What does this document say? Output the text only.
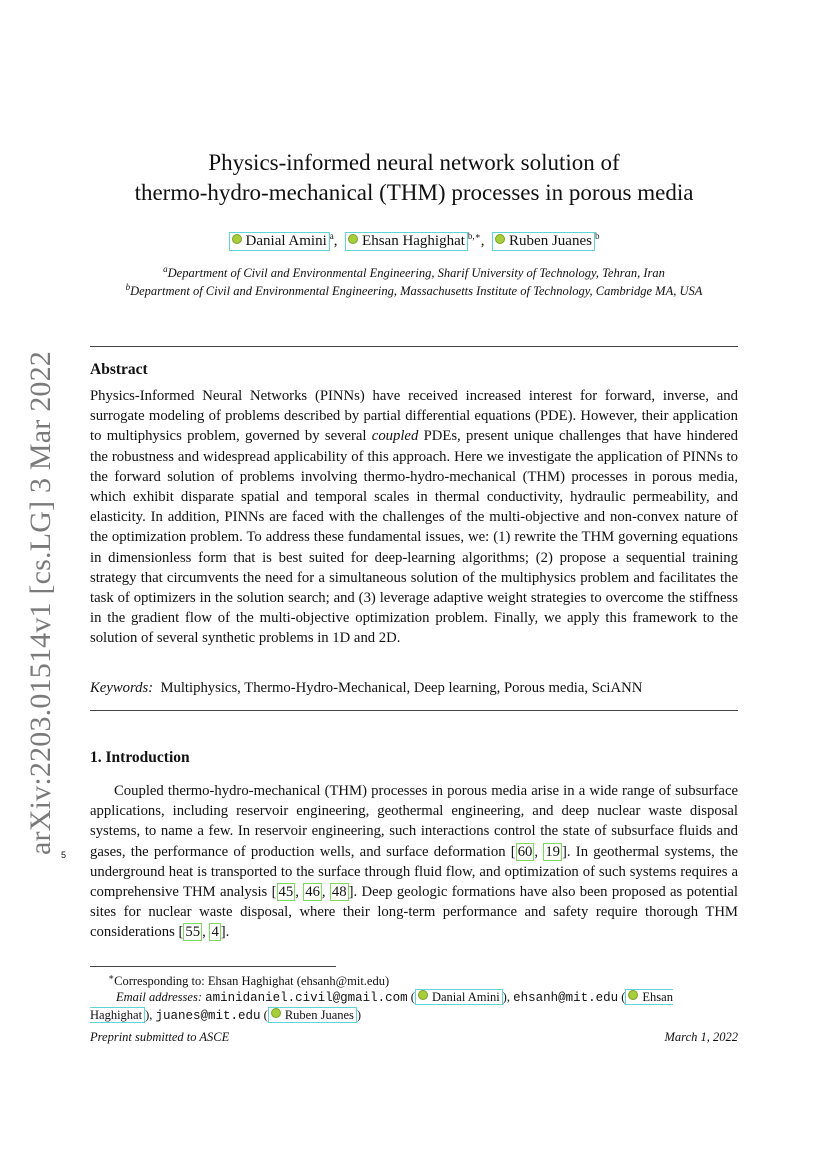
arXiv:2203.01514v1 [cs.LG] 3 Mar 2022
Physics-informed neural network solution of
thermo-hydro-mechanical (THM) processes in porous media
Danial Amini $^a$,  Ehsan Haghighat $^{b,∗}$,  Ruben Juanes $^b$
$^a$Department of Civil and Environmental Engineering, Sharif University of Technology, Tehran, Iran
$^b$Department of Civil and Environmental Engineering, Massachusetts Institute of Technology, Cambridge MA, USA
Abstract

Physics-Informed Neural Networks (PINNs) have received increased interest for forward, inverse, and surrogate modeling of problems described by partial differential equations (PDE). However, their application to multiphysics problem, governed by several coupled PDEs, present unique challenges that have hindered the robustness and widespread applicability of this approach. Here we investigate the application of PINNs to the forward solution of problems involving thermo-hydro-mechanical (THM) processes in porous media, which exhibit disparate spatial and temporal scales in thermal conductivity, hydraulic permeability, and elasticity. In addition, PINNs are faced with the challenges of the multi-objective and non-convex nature of the optimization problem. To address these fundamental issues, we: (1) rewrite the THM governing equations in dimensionless form that is best suited for deep-learning algorithms; (2) propose a sequential training strategy that circumvents the need for a simultaneous solution of the multiphysics problem and facilitates the task of optimizers in the solution search; and (3) leverage adaptive weight strategies to overcome the stiffness in the gradient flow of the multi-objective optimization problem. Finally, we apply this framework to the solution of several synthetic problems in 1D and 2D.

Keywords: Multiphysics, Thermo-Hydro-Mechanical, Deep learning, Porous media, SciANN
1. Introduction
5

Coupled thermo-hydro-mechanical (THM) processes in porous media arise in a wide range of subsurface applications, including reservoir engineering, geothermal engineering, and deep nuclear waste disposal systems, to name a few. In reservoir engineering, such interactions control the state of subsurface fluids and gases, the performance of production wells, and surface deformation [ 60 , 19 ]. In geothermal systems, the underground heat is transported to the surface through fluid flow, and optimization of such systems requires a comprehensive THM analysis [ 45 , 46 , 48 ]. Deep geologic formations have also been proposed as potential sites for nuclear waste disposal, where their long-term performance and safety require thorough THM considerations [ 55 , 4 ].

∗Corresponding to: Ehsan Haghighat (ehsanh@mit.edu)

Email addresses: aminidaniel.civil@gmail.com ( Danial Amini ), ehsanh@mit.edu ( Ehsan Haghighat ), juanes@mit.edu ( Ruben Juanes )

Preprint submitted to ASCE	March 1, 2022
